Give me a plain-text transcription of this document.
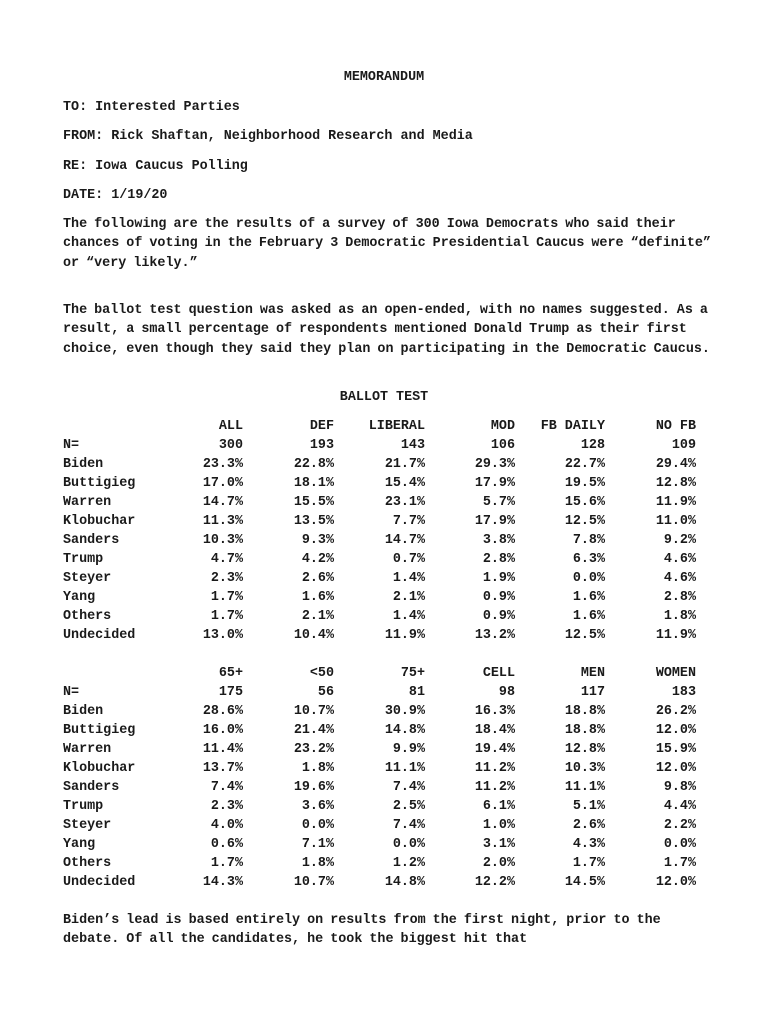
MEMORANDUM
TO: Interested Parties
FROM: Rick Shaftan, Neighborhood Research and Media
RE: Iowa Caucus Polling
DATE: 1/19/20
The following are the results of a survey of 300 Iowa Democrats who said their chances of voting in the February 3 Democratic Presidential Caucus were “definite” or “very likely.”
The ballot test question was asked as an open-ended, with no names suggested. As a result, a small percentage of respondents mentioned Donald Trump as their first choice, even though they said they plan on participating in the Democratic Caucus.
BALLOT TEST
	ALL	DEF	LIBERAL	MOD	FB DAILY	NO FB
N=	300	193	143	106	128	109
Biden	23.3%	22.8%	21.7%	29.3%	22.7%	29.4%
Buttigieg	17.0%	18.1%	15.4%	17.9%	19.5%	12.8%
Warren	14.7%	15.5%	23.1%	5.7%	15.6%	11.9%
Klobuchar	11.3%	13.5%	7.7%	17.9%	12.5%	11.0%
Sanders	10.3%	9.3%	14.7%	3.8%	7.8%	9.2%
Trump	4.7%	4.2%	0.7%	2.8%	6.3%	4.6%
Steyer	2.3%	2.6%	1.4%	1.9%	0.0%	4.6%
Yang	1.7%	1.6%	2.1%	0.9%	1.6%	2.8%
Others	1.7%	2.1%	1.4%	0.9%	1.6%	1.8%
Undecided	13.0%	10.4%	11.9%	13.2%	12.5%	11.9%
	65+	<50	75+	CELL	MEN	WOMEN
N=	175	56	81	98	117	183
Biden	28.6%	10.7%	30.9%	16.3%	18.8%	26.2%
Buttigieg	16.0%	21.4%	14.8%	18.4%	18.8%	12.0%
Warren	11.4%	23.2%	9.9%	19.4%	12.8%	15.9%
Klobuchar	13.7%	1.8%	11.1%	11.2%	10.3%	12.0%
Sanders	7.4%	19.6%	7.4%	11.2%	11.1%	9.8%
Trump	2.3%	3.6%	2.5%	6.1%	5.1%	4.4%
Steyer	4.0%	0.0%	7.4%	1.0%	2.6%	2.2%
Yang	0.6%	7.1%	0.0%	3.1%	4.3%	0.0%
Others	1.7%	1.8%	1.2%	2.0%	1.7%	1.7%
Undecided	14.3%	10.7%	14.8%	12.2%	14.5%	12.0%
Biden’s lead is based entirely on results from the first night, prior to the debate. Of all the candidates, he took the biggest hit that
